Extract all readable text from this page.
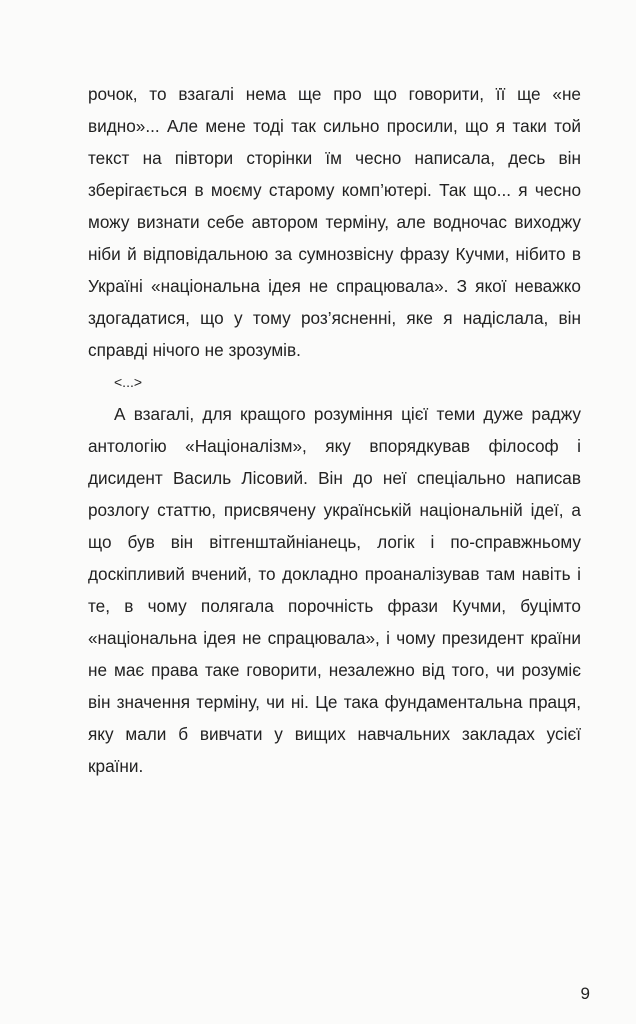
рочок, то взагалі нема ще про що говорити, її ще «не видно»... Але мене тоді так сильно просили, що я таки той текст на півтори сторінки їм чесно написала, десь він зберігається в моєму старому комп’ютері. Так що... я чесно можу визнати себе автором терміну, але водночас виходжу ніби й відповідальною за сумнозвісну фразу Кучми, нібито в Україні «національна ідея не спрацювала». З якої неважко здогадатися, що у тому роз’ясненні, яке я надіслала, він справді нічого не зрозумів.

<...>

А взагалі, для кращого розуміння цієї теми дуже раджу антологію «Націоналізм», яку впорядкував філософ і дисидент Василь Лісовий. Він до неї спеціально написав розлогу статтю, присвячену українській національній ідеї, а що був він вітгенштайніанець, логік і по-справжньому доскіпливий вчений, то докладно проаналізував там навіть і те, в чому полягала порочність фрази Кучми, буцімто «національна ідея не спрацювала», і чому президент країни не має права таке говорити, незалежно від того, чи розуміє він значення терміну, чи ні. Це така фундаментальна праця, яку мали б вивчати у вищих навчальних закладах усієї країни.

9
